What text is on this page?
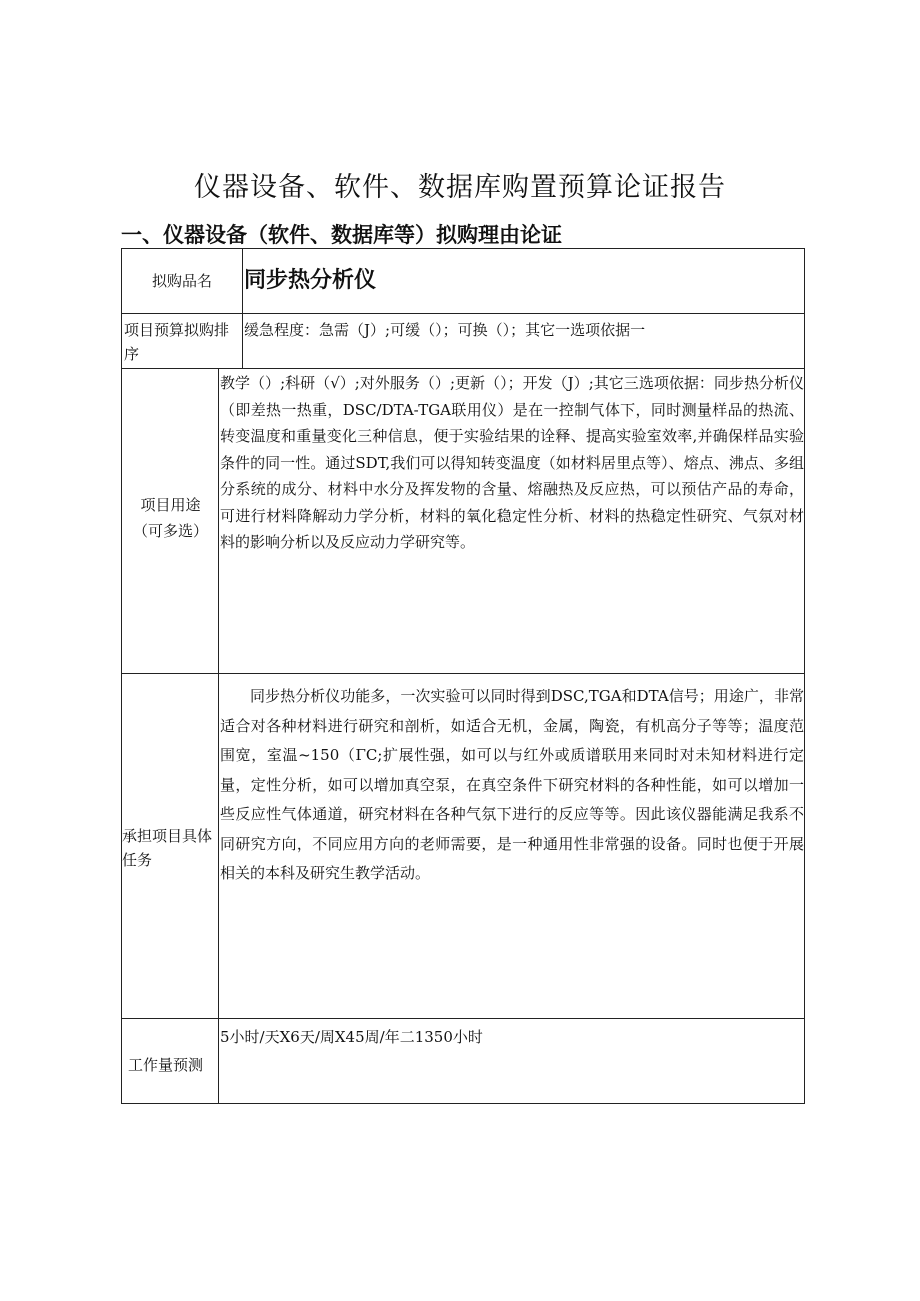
仪器设备、软件、数据库购置预算论证报告
一、仪器设备（软件、数据库等）拟购理由论证
拟购品名	同步热分析仪
项目预算拟购排序
缓急程度：急需（J）;可缓（）；可换（）；其它一选项依据一
项目用途
（可多选）
教学（）;科研（√）;对外服务（）;更新（）；开发（J）;其它三选项依据：同步热分析仪（即差热一热重，DSC/DTA-TGA联用仪）是在一控制气体下，同时测量样品的热流、转变温度和重量变化三种信息，便于实验结果的诠释、提高实验室效率,并确保样品实验条件的同一性。通过SDT,我们可以得知转变温度（如材料居里点等）、熔点、沸点、多组分系统的成分、材料中水分及挥发物的含量、熔融热及反应热，可以预估产品的寿命，可进行材料降解动力学分析，材料的氧化稳定性分析、材料的热稳定性研究、气氛对材料的影响分析以及反应动力学研究等。
承担项目具体任务
同步热分析仪功能多，一次实验可以同时得到DSC,TGA和DTA信号；用途广，非常适合对各种材料进行研究和剖析，如适合无机，金属，陶瓷，有机高分子等等；温度范围宽，室温~150（ΓC;扩展性强，如可以与红外或质谱联用来同时对未知材料进行定量，定性分析，如可以增加真空泵，在真空条件下研究材料的各种性能，如可以增加一些反应性气体通道，研究材料在各种气氛下进行的反应等等。因此该仪器能满足我系不同研究方向，不同应用方向的老师需要，是一种通用性非常强的设备。同时也便于开展相关的本科及研究生教学活动。
工作量预测
5小时/天X6天/周X45周/年二1350小时
